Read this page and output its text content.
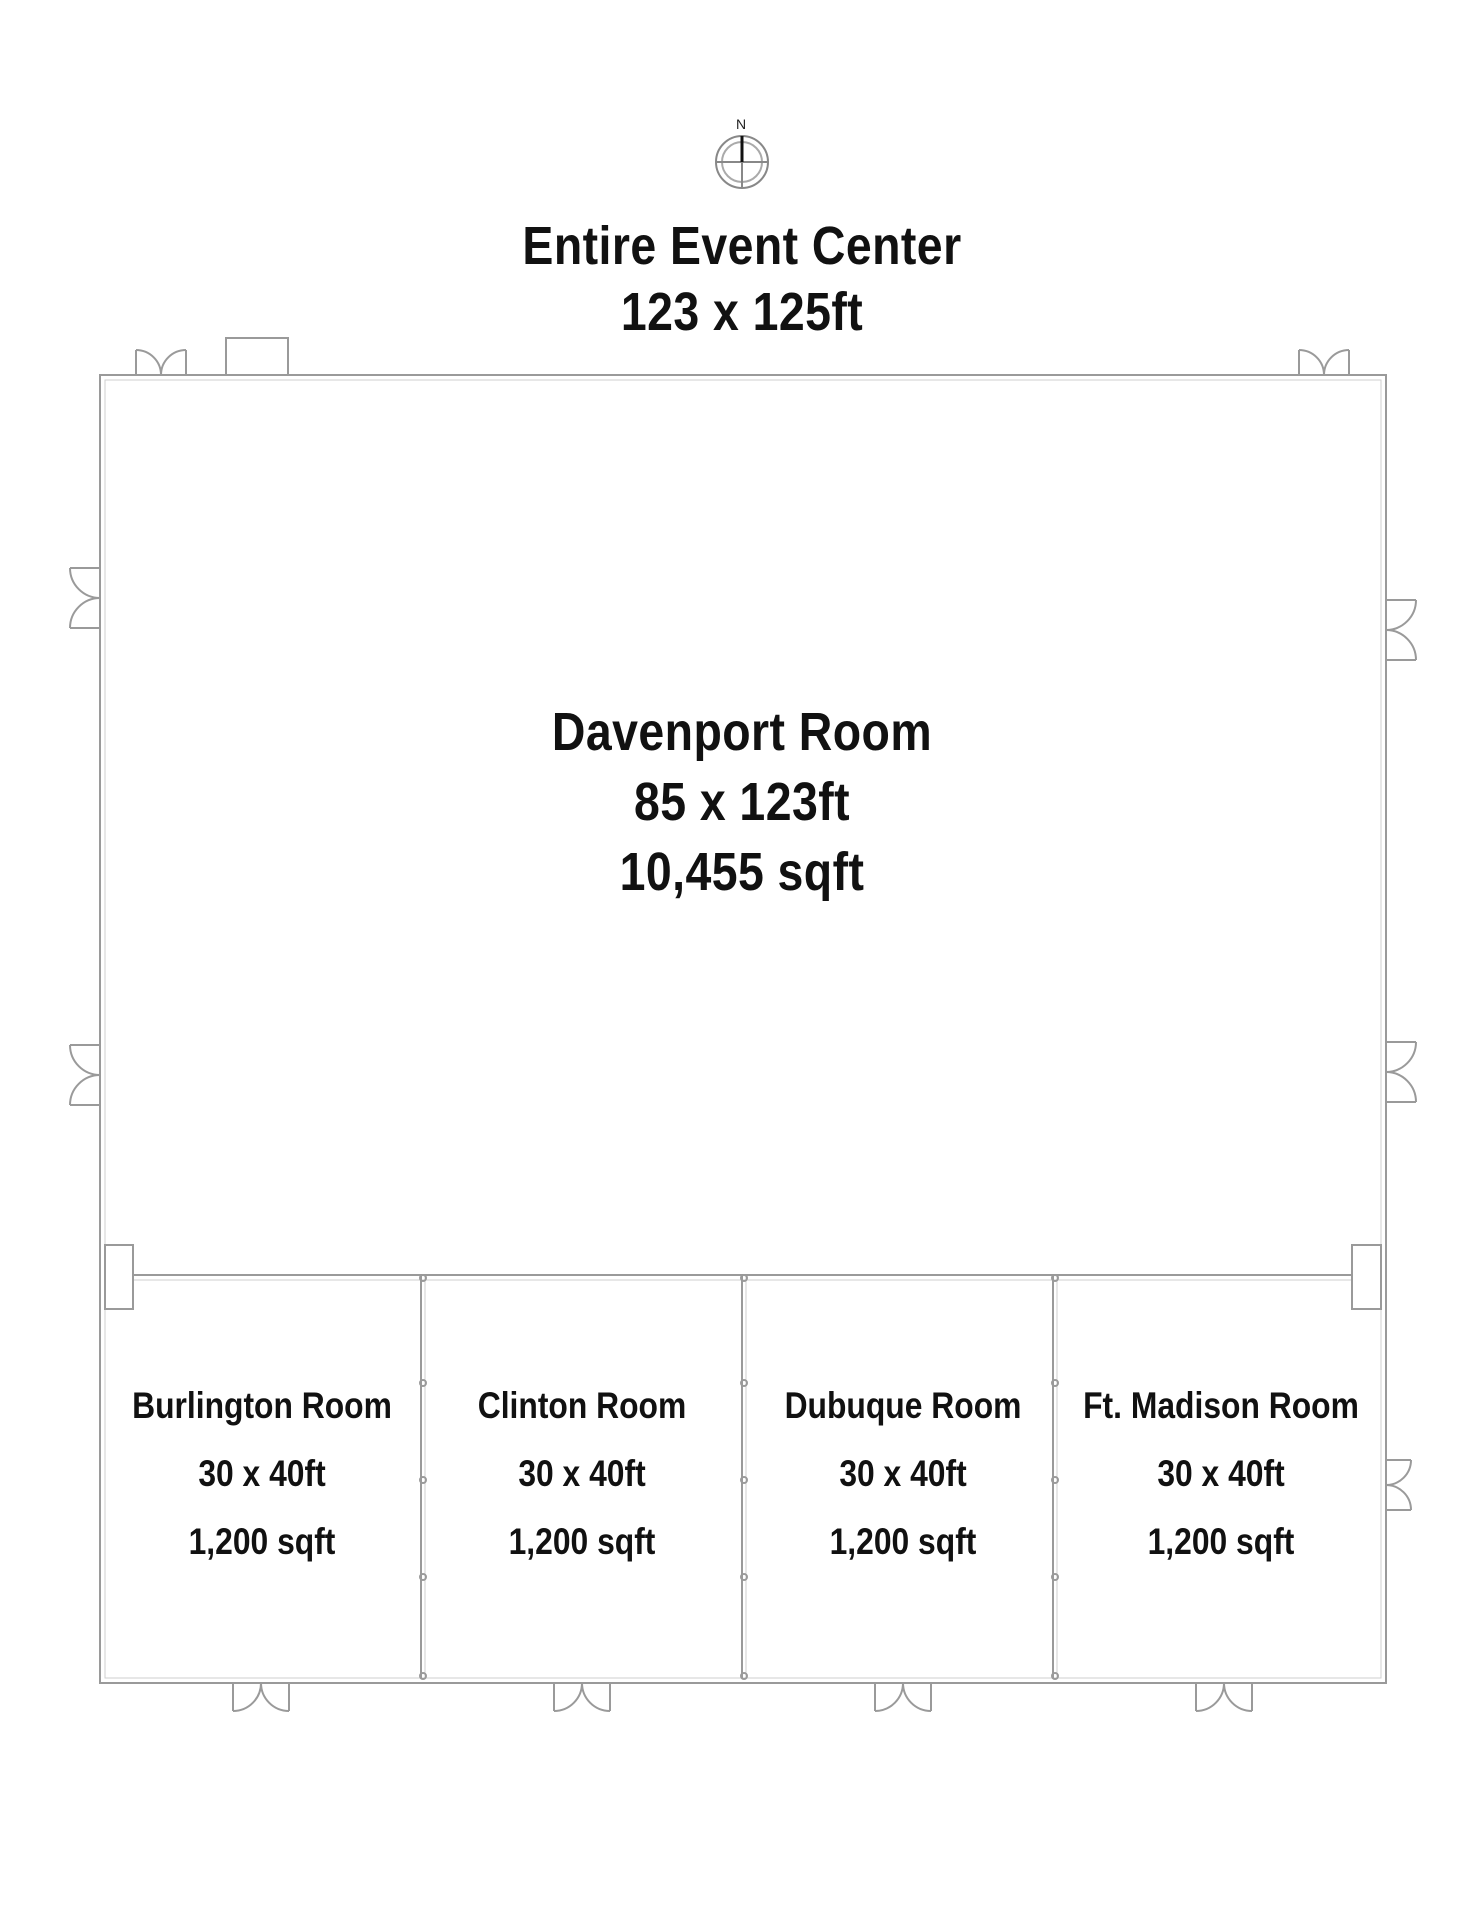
N
Entire Event Center
123 x 125ft
Davenport Room
85 x 123ft
10,455 sqft
Burlington Room
30 x 40ft
1,200 sqft
Clinton Room
30 x 40ft
1,200 sqft
Dubuque Room
30 x 40ft
1,200 sqft
Ft. Madison Room
30 x 40ft
1,200 sqft
